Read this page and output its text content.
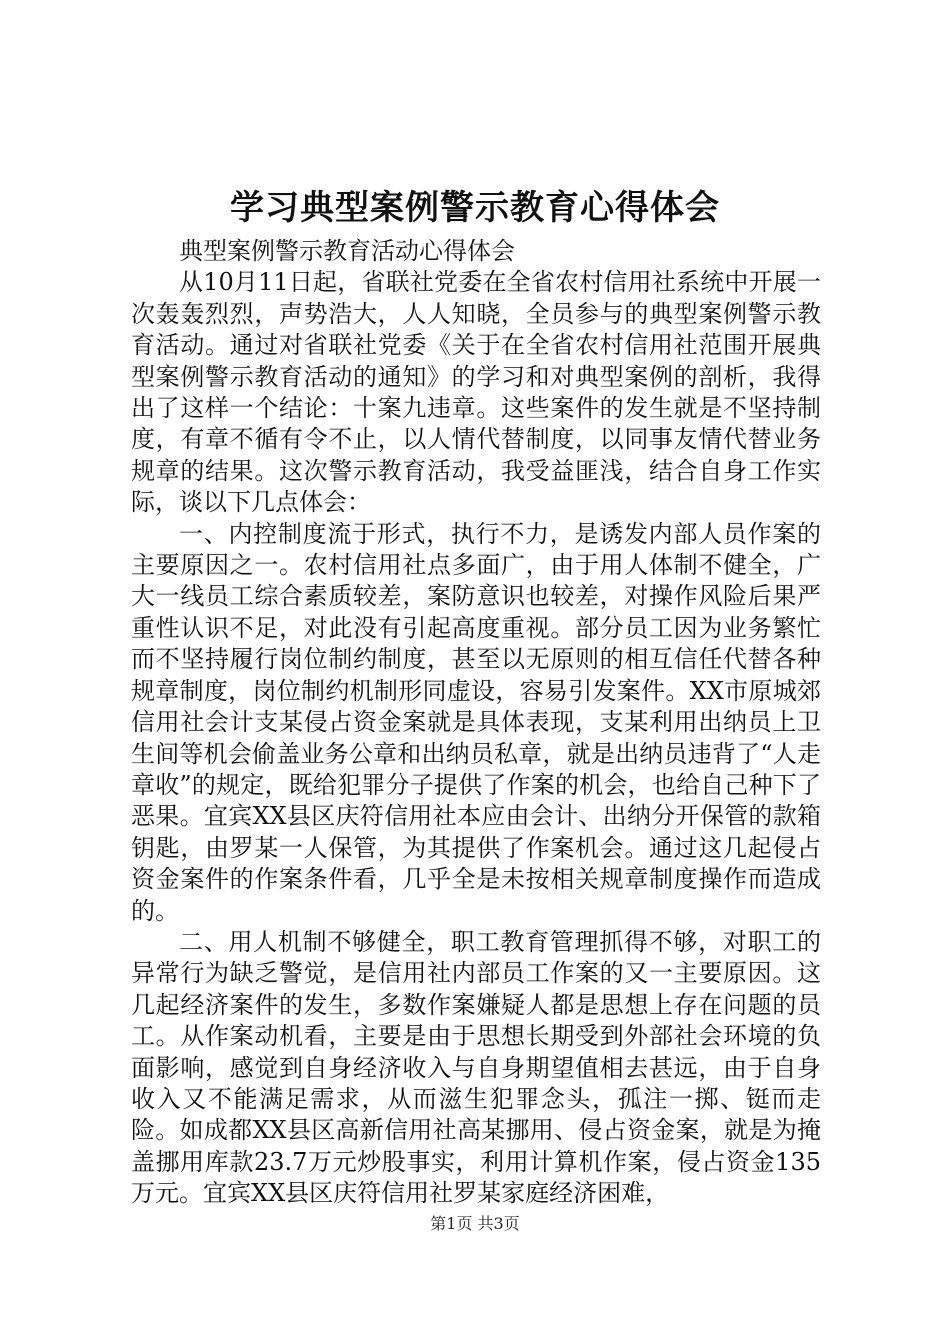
学习典型案例警示教育心得体会

典型案例警示教育活动心得体会

从10月11日起，省联社党委在全省农村信用社系统中开展一次轰轰烈烈，声势浩大，人人知晓，全员参与的典型案例警示教育活动。通过对省联社党委《关于在全省农村信用社范围开展典型案例警示教育活动的通知》的学习和对典型案例的剖析，我得出了这样一个结论：十案九违章。这些案件的发生就是不坚持制度，有章不循有令不止，以人情代替制度，以同事友情代替业务规章的结果。这次警示教育活动，我受益匪浅，结合自身工作实际，谈以下几点体会：

一、内控制度流于形式，执行不力，是诱发内部人员作案的主要原因之一。农村信用社点多面广，由于用人体制不健全，广大一线员工综合素质较差，案防意识也较差，对操作风险后果严重性认识不足，对此没有引起高度重视。部分员工因为业务繁忙而不坚持履行岗位制约制度，甚至以无原则的相互信任代替各种规章制度，岗位制约机制形同虚设，容易引发案件。XX市原城郊信用社会计支某侵占资金案就是具体表现，支某利用出纳员上卫生间等机会偷盖业务公章和出纳员私章，就是出纳员违背了“人走章收”的规定，既给犯罪分子提供了作案的机会，也给自己种下了恶果。宜宾XX县区庆符信用社本应由会计、出纳分开保管的款箱钥匙，由罗某一人保管，为其提供了作案机会。通过这几起侵占资金案件的作案条件看，几乎全是未按相关规章制度操作而造成的。

二、用人机制不够健全，职工教育管理抓得不够，对职工的异常行为缺乏警觉，是信用社内部员工作案的又一主要原因。这几起经济案件的发生，多数作案嫌疑人都是思想上存在问题的员工。从作案动机看，主要是由于思想长期受到外部社会环境的负面影响，感觉到自身经济收入与自身期望值相去甚远，由于自身收入又不能满足需求，从而滋生犯罪念头，孤注一掷、铤而走险。如成都XX县区高新信用社高某挪用、侵占资金案，就是为掩盖挪用库款23.7万元炒股事实，利用计算机作案，侵占资金135万元。宜宾XX县区庆符信用社罗某家庭经济困难，

第1页 共3页
